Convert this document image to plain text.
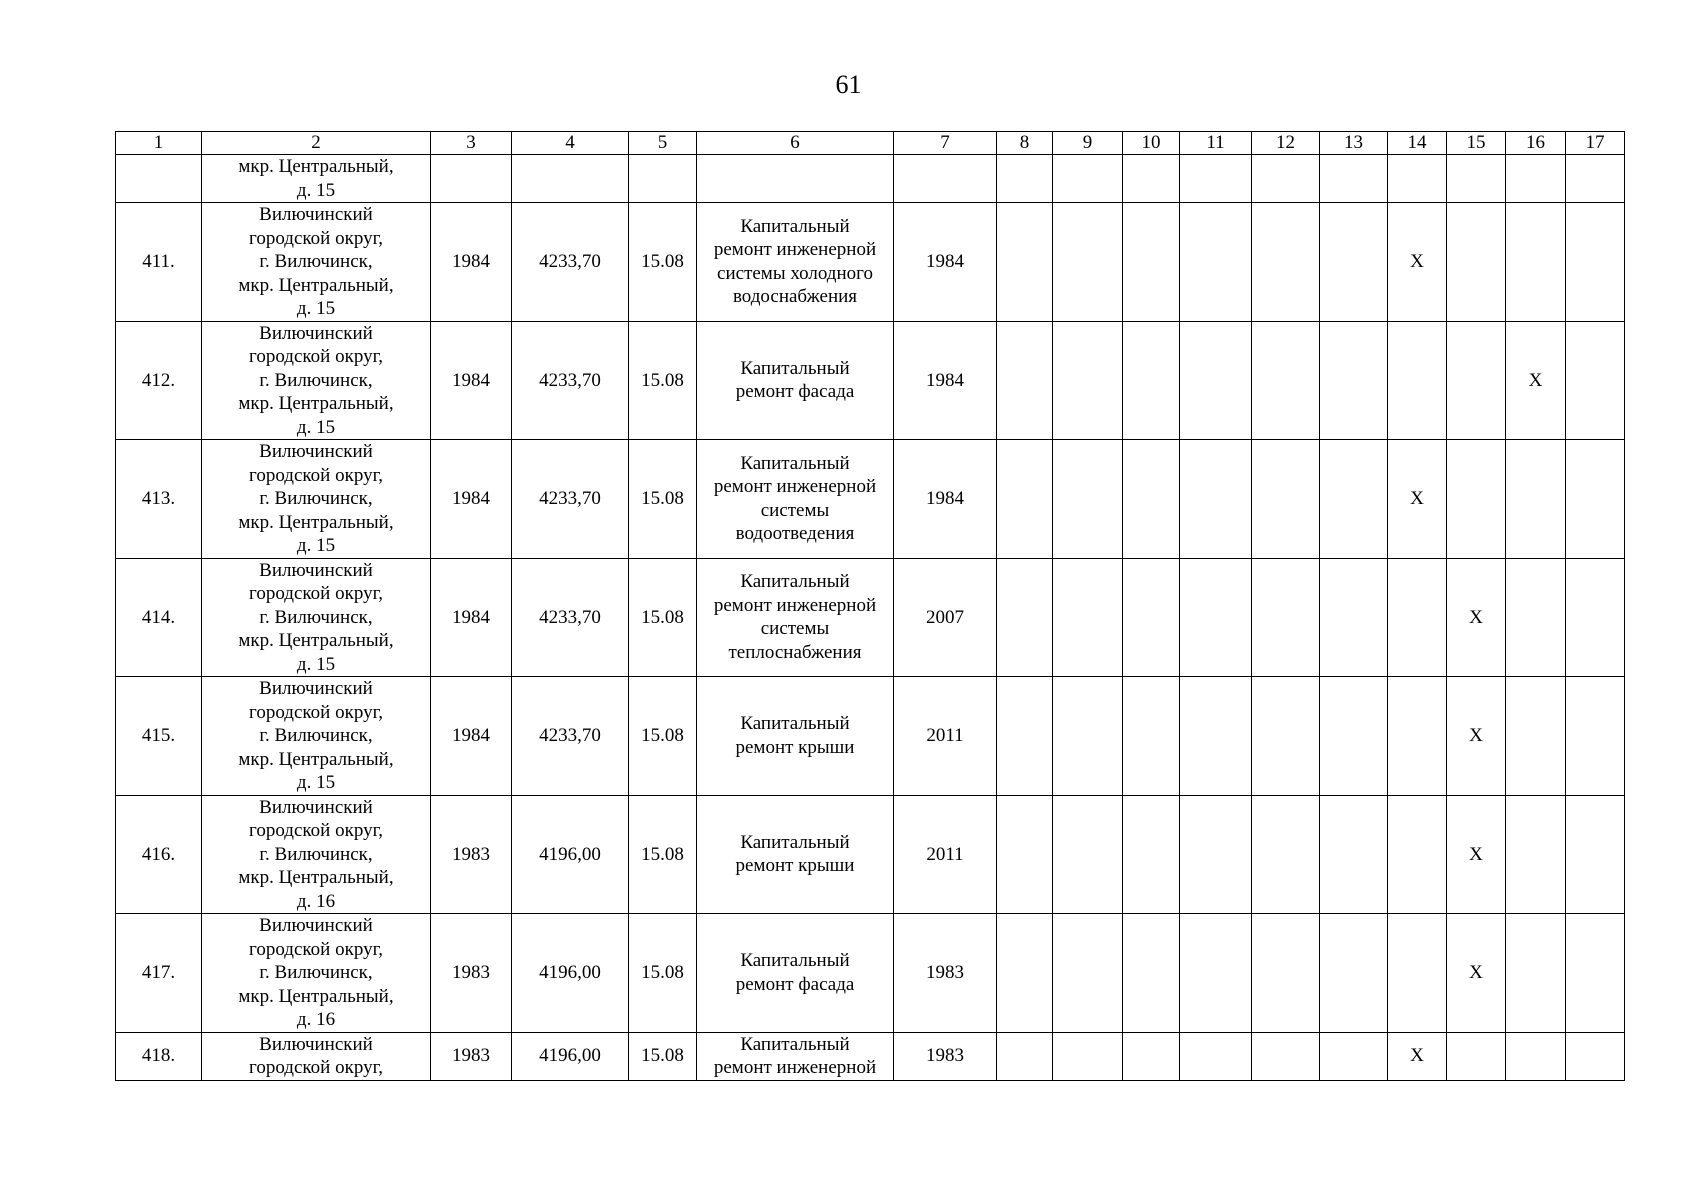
61
1	2	3	4	5	6	7	8	9	10	11	12	13	14	15	16	17

	мкр. Центральный,
д. 15															

411.	Вилючинский
городской округ,
г. Вилючинск,
мкр. Центральный,
д. 15	1984	4233,70	15.08	Капитальный
ремонт инженерной
системы холодного
водоснабжения	1984							X			
412.	Вилючинский
городской округ,
г. Вилючинск,
мкр. Центральный,
д. 15	1984	4233,70	15.08	Капитальный
ремонт фасада	1984									X	
413.	Вилючинский
городской округ,
г. Вилючинск,
мкр. Центральный,
д. 15	1984	4233,70	15.08	Капитальный
ремонт инженерной
системы
водоотведения	1984							X			
414.	Вилючинский
городской округ,
г. Вилючинск,
мкр. Центральный,
д. 15	1984	4233,70	15.08	Капитальный
ремонт инженерной
системы
теплоснабжения	2007								X		
415.	Вилючинский
городской округ,
г. Вилючинск,
мкр. Центральный,
д. 15	1984	4233,70	15.08	Капитальный
ремонт крыши	2011								X		
416.	Вилючинский
городской округ,
г. Вилючинск,
мкр. Центральный,
д. 16	1983	4196,00	15.08	Капитальный
ремонт крыши	2011								X		
417.	Вилючинский
городской округ,
г. Вилючинск,
мкр. Центральный,
д. 16	1983	4196,00	15.08	Капитальный
ремонт фасада	1983								X		
418.	Вилючинский
городской округ,	1983	4196,00	15.08	Капитальный
ремонт инженерной	1983							X			
